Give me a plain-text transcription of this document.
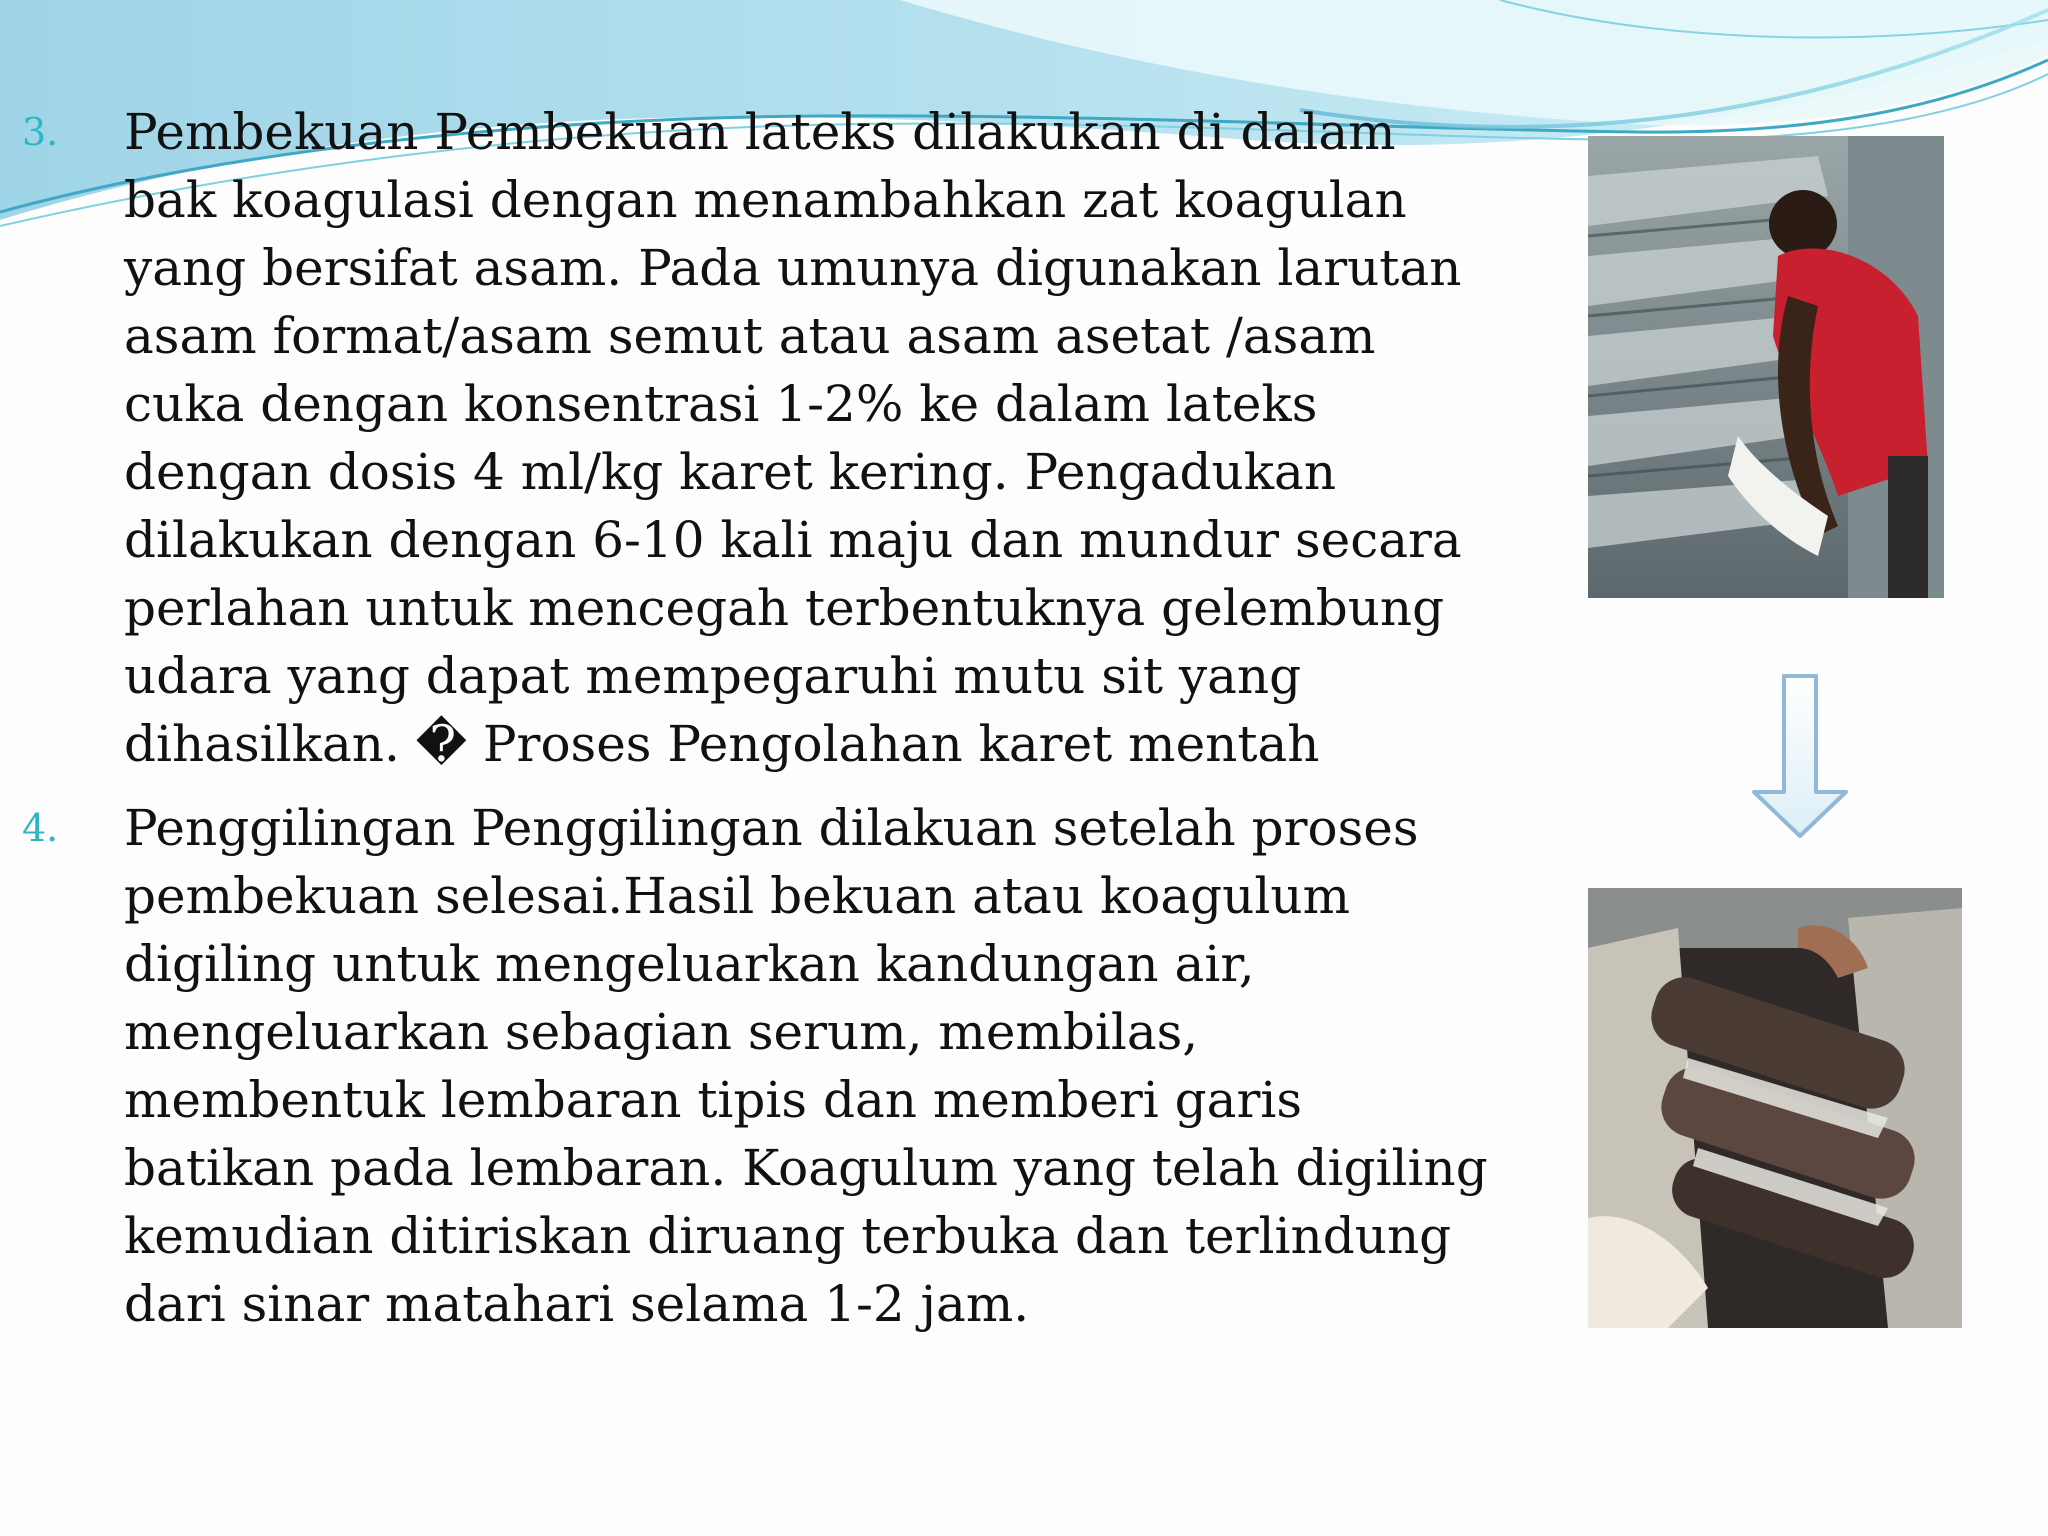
3. Pembekuan Pembekuan lateks dilakukan di dalam bak koagulasi dengan menambahkan zat koagulan yang bersifat asam. Pada umunya digunakan larutan asam format/asam semut atau asam asetat /asam cuka dengan konsentrasi 1-2% ke dalam lateks dengan dosis 4 ml/kg karet kering. Pengadukan dilakukan dengan 6-10 kali maju dan mundur secara perlahan untuk mencegah terbentuknya gelembung udara yang dapat mempegaruhi mutu sit yang dihasilkan. � Proses Pengolahan karet mentah

4. Penggilingan Penggilingan dilakuan setelah proses pembekuan selesai.Hasil bekuan atau koagulum digiling untuk mengeluarkan kandungan air, mengeluarkan sebagian serum, membilas, membentuk lembaran tipis dan memberi garis batikan pada lembaran. Koagulum yang telah digiling kemudian ditiriskan diruang terbuka dan terlindung dari sinar matahari selama 1-2 jam.
